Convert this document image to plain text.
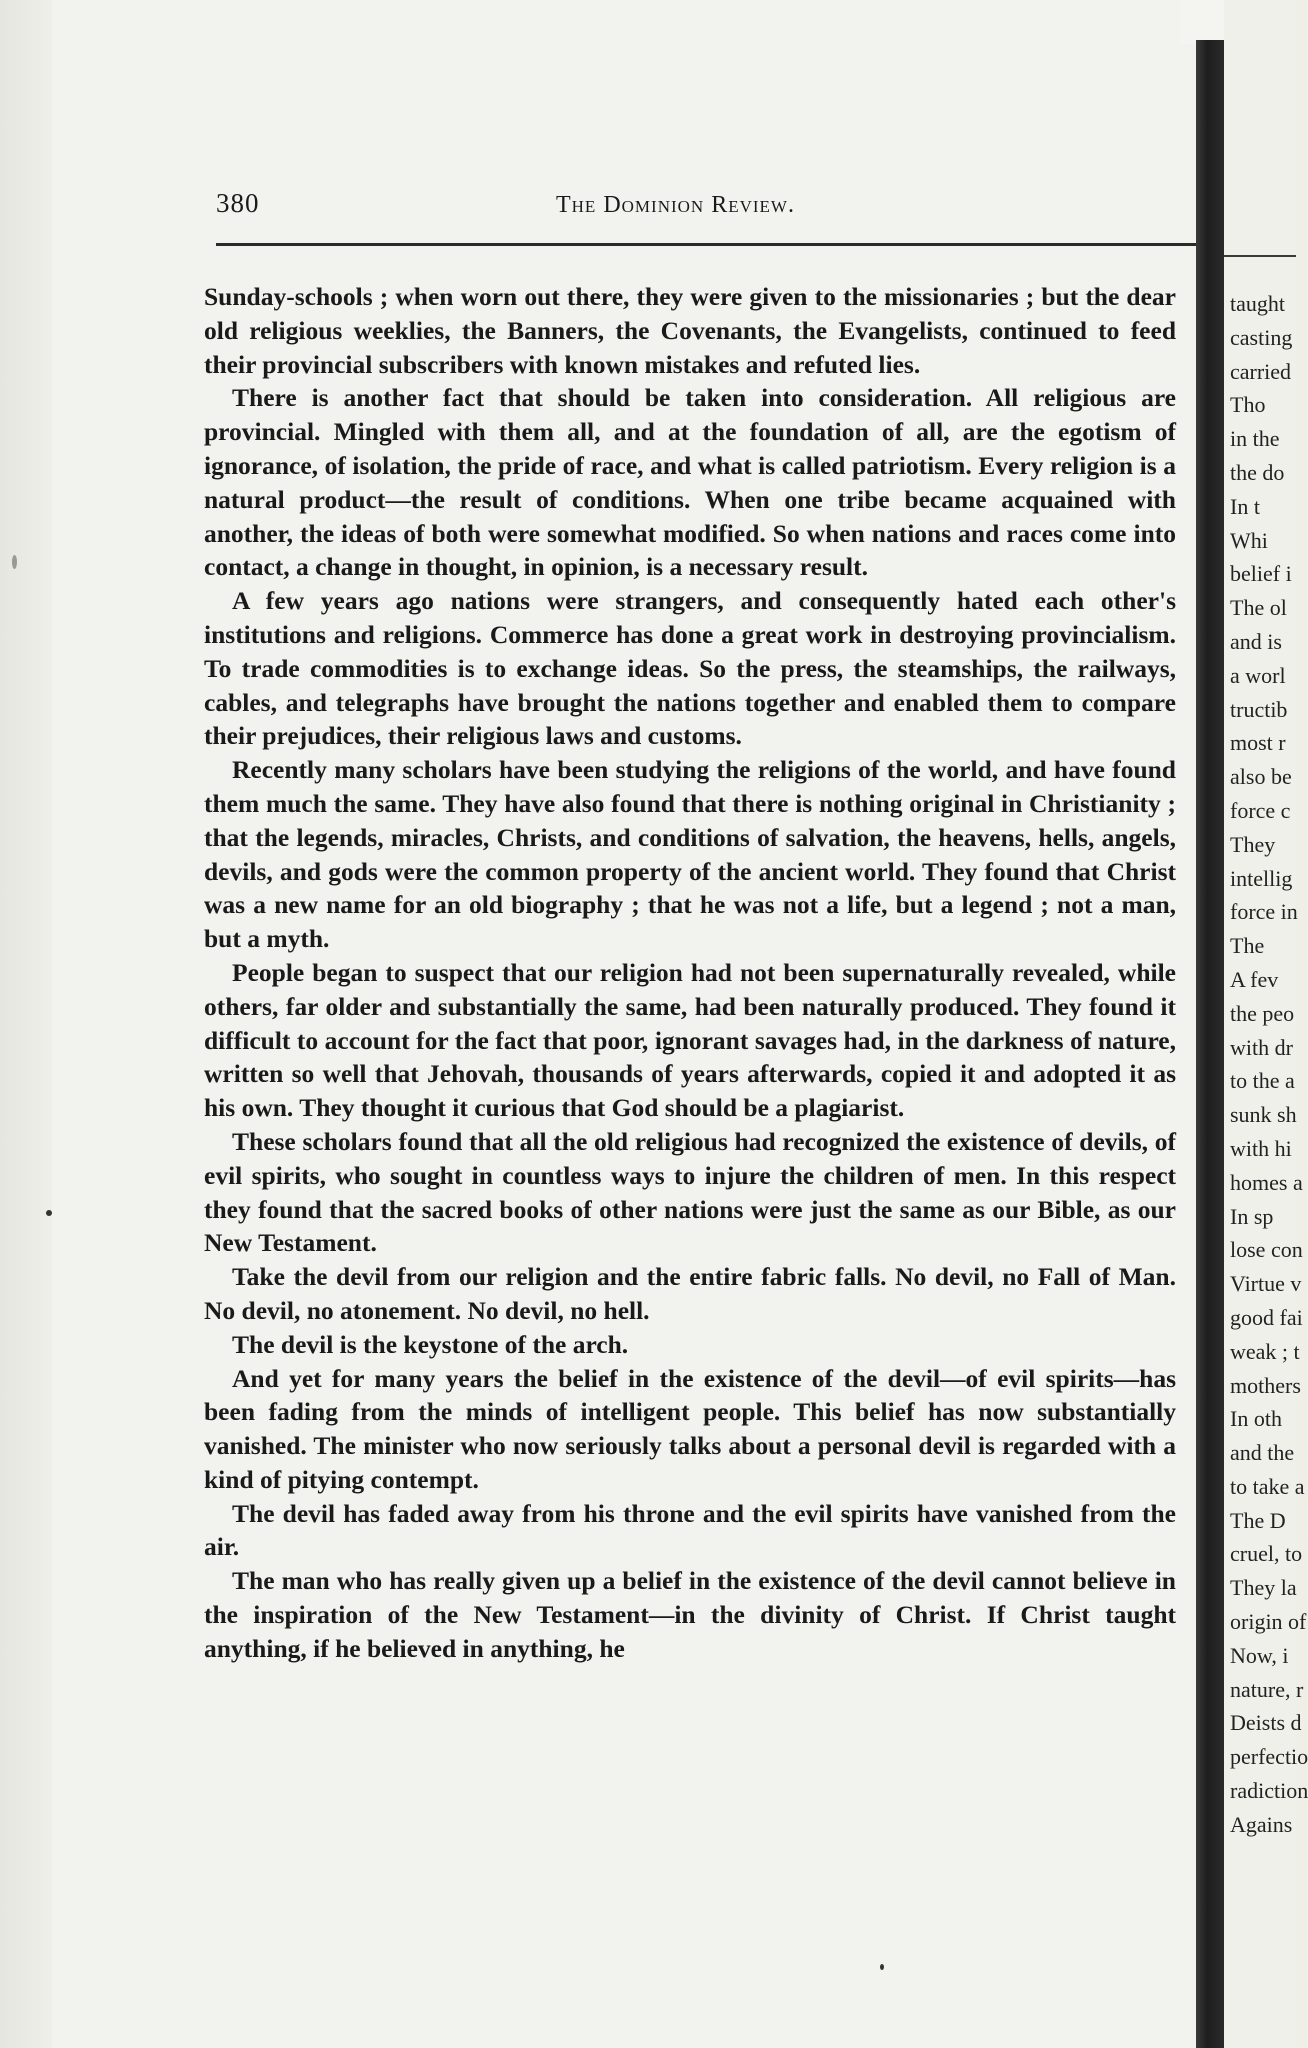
380	The Dominion Review.

Sunday-schools ; when worn out there, they were given to the missionaries ; but the dear old religious weeklies, the Banners, the Covenants, the Evangelists, continued to feed their provincial subscribers with known mistakes and refuted lies.

There is another fact that should be taken into consideration. All religious are provincial. Mingled with them all, and at the foundation of all, are the egotism of ignorance, of isolation, the pride of race, and what is called patriotism. Every religion is a natural product—the result of conditions. When one tribe became acquained with another, the ideas of both were somewhat modified. So when nations and races come into contact, a change in thought, in opinion, is a necessary result.

A few years ago nations were strangers, and consequently hated each other's institutions and religions. Commerce has done a great work in destroying provincialism. To trade commodities is to exchange ideas. So the press, the steamships, the railways, cables, and telegraphs have brought the nations together and enabled them to compare their prejudices, their religious laws and customs.

Recently many scholars have been studying the religions of the world, and have found them much the same. They have also found that there is nothing original in Christianity ; that the legends, miracles, Christs, and conditions of salvation, the heavens, hells, angels, devils, and gods were the common property of the ancient world. They found that Christ was a new name for an old biography ; that he was not a life, but a legend ; not a man, but a myth.

People began to suspect that our religion had not been supernaturally revealed, while others, far older and substantially the same, had been naturally produced. They found it difficult to account for the fact that poor, ignorant savages had, in the darkness of nature, written so well that Jehovah, thousands of years afterwards, copied it and adopted it as his own. They thought it curious that God should be a plagiarist.

These scholars found that all the old religious had recognized the existence of devils, of evil spirits, who sought in countless ways to injure the children of men. In this respect they found that the sacred books of other nations were just the same as our Bible, as our New Testament.

Take the devil from our religion and the entire fabric falls. No devil, no Fall of Man. No devil, no atonement. No devil, no hell.

The devil is the keystone of the arch.

And yet for many years the belief in the existence of the devil—of evil spirits—has been fading from the minds of intelligent people. This belief has now substantially vanished. The minister who now seriously talks about a personal devil is regarded with a kind of pitying contempt.

The devil has faded away from his throne and the evil spirits have vanished from the air.

The man who has really given up a belief in the existence of the devil cannot believe in the inspiration of the New Testament—in the divinity of Christ. If Christ taught anything, if he believed in anything, he

taught
casting
carried
Tho
in the
the do
In t
Whi
belief i
The ol
and is
a worl
tructib
most r
also be
force c
They
intellig
force in
The
A fev
the peo
with dr
to the a
sunk sh
with hi
homes a
In sp
lose con
Virtue v
good fai
weak ; t
mothers
In oth
and the
to take a
The D
cruel, to
They la
origin of
Now, i
nature, r
Deists d
perfectio
radiction
Agains
